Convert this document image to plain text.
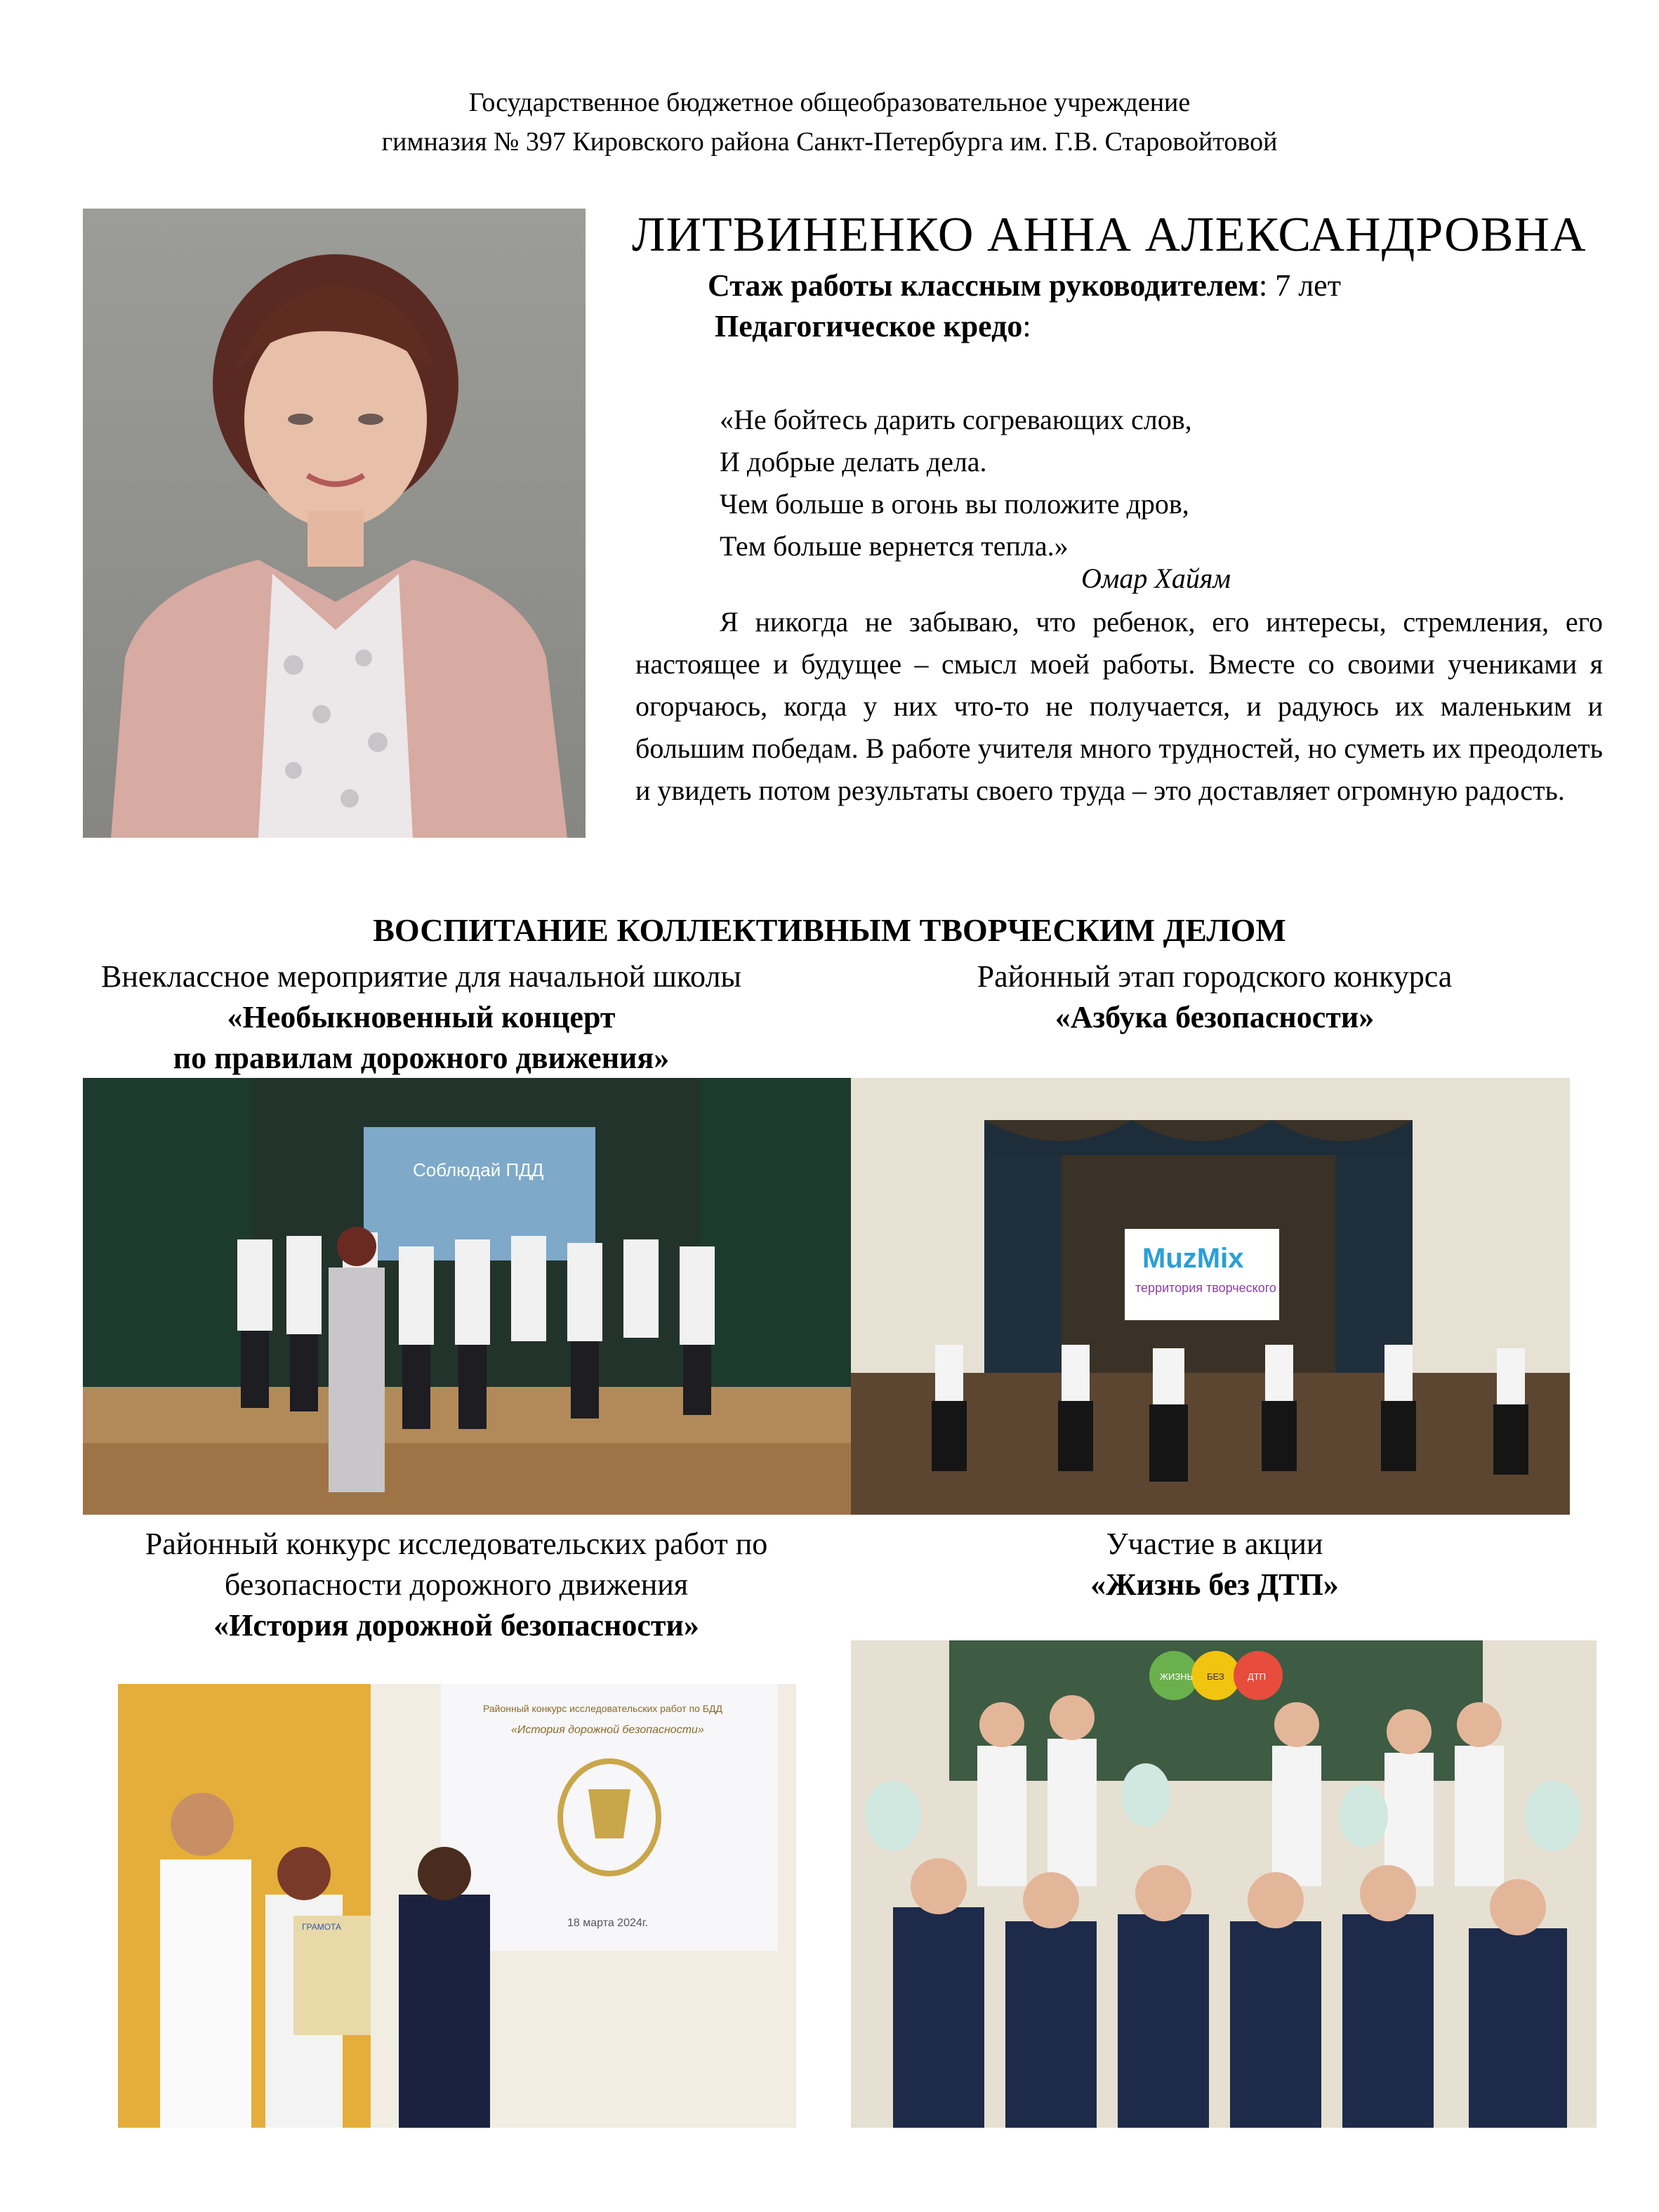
Государственное бюджетное общеобразовательное учреждение
гимназия № 397 Кировского района Санкт-Петербурга им. Г.В. Старовойтовой
ЛИТВИНЕНКО АННА АЛЕКСАНДРОВНА
Стаж работы классным руководителем: 7 лет
Педагогическое кредо:
«Не бойтесь дарить согревающих слов,
И добрые делать дела.
Чем больше в огонь вы положите дров,
Тем больше вернется тепла.»
Омар Хайям
Я никогда не забываю, что ребенок, его интересы, стремления, его настоящее и будущее – смысл моей работы. Вместе со своими учениками я огорчаюсь, когда у них что-то не получается, и радуюсь их маленьким и большим победам. В работе учителя много трудностей, но суметь их преодолеть и увидеть потом результаты своего труда – это доставляет огромную радость.
ВОСПИТАНИЕ КОЛЛЕКТИВНЫМ ТВОРЧЕСКИМ ДЕЛОМ
Внеклассное мероприятие для начальной школы
«Необыкновенный концерт
по правилам дорожного движения»
Районный этап городского конкурса
«Азбука безопасности»
Соблюдай ПДД
MuzMix
территория творческого
Районный конкурс исследовательских работ по
безопасности дорожного движения
«История дорожной безопасности»
Участие в акции
«Жизнь без ДТП»
Районный конкурс исследовательских работ по БДД
«История дорожной безопасности»
18 марта 2024г.
ГРАМОТА
ЖИЗНЬ БЕЗ	ДТП
